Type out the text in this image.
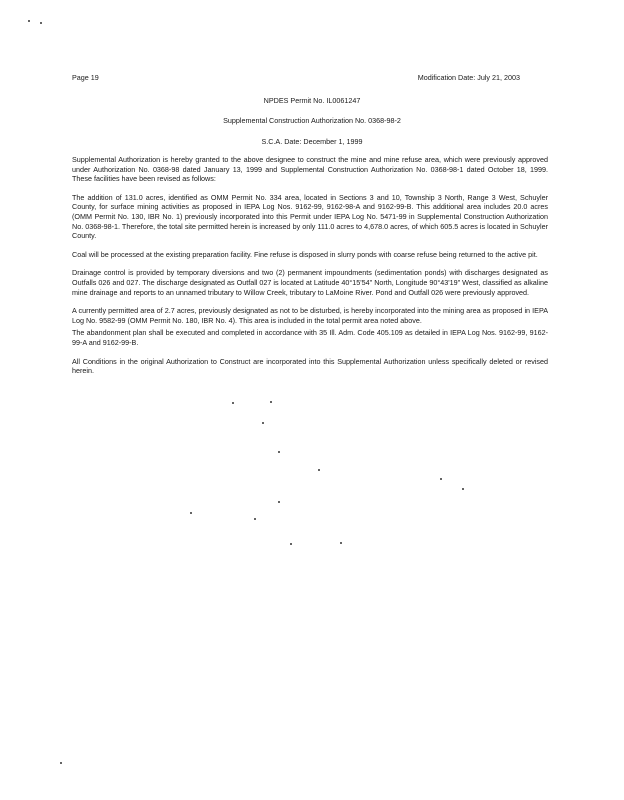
Page 19	Modification Date: July 21, 2003
NPDES Permit No. IL0061247
Supplemental Construction Authorization No. 0368-98-2
S.C.A. Date: December 1, 1999

Supplemental Authorization is hereby granted to the above designee to construct the mine and mine refuse area, which were previously approved under Authorization No. 0368-98 dated January 13, 1999 and Supplemental Construction Authorization No. 0368-98-1 dated October 18, 1999. These facilities have been revised as follows:

The addition of 131.0 acres, identified as OMM Permit No. 334 area, located in Sections 3 and 10, Township 3 North, Range 3 West, Schuyler County, for surface mining activities as proposed in IEPA Log Nos. 9162-99, 9162-98-A and 9162-99-B. This additional area includes 20.0 acres (OMM Permit No. 130, IBR No. 1) previously incorporated into this Permit under IEPA Log No. 5471-99 in Supplemental Construction Authorization No. 0368-98-1. Therefore, the total site permitted herein is increased by only 111.0 acres to 4,678.0 acres, of which 605.5 acres is located in Schuyler County.

Coal will be processed at the existing preparation facility. Fine refuse is disposed in slurry ponds with coarse refuse being returned to the active pit.

Drainage control is provided by temporary diversions and two (2) permanent impoundments (sedimentation ponds) with discharges designated as Outfalls 026 and 027. The discharge designated as Outfall 027 is located at Latitude 40°15'54" North, Longitude 90°43'19" West, classified as alkaline mine drainage and reports to an unnamed tributary to Willow Creek, tributary to LaMoine River. Pond and Outfall 026 were previously approved.

A currently permitted area of 2.7 acres, previously designated as not to be disturbed, is hereby incorporated into the mining area as proposed in IEPA Log No. 9582-99 (OMM Permit No. 180, IBR No. 4). This area is included in the total permit area noted above.

The abandonment plan shall be executed and completed in accordance with 35 Ill. Adm. Code 405.109 as detailed in IEPA Log Nos. 9162-99, 9162-99-A and 9162-99-B.

All Conditions in the original Authorization to Construct are incorporated into this Supplemental Authorization unless specifically deleted or revised herein.
